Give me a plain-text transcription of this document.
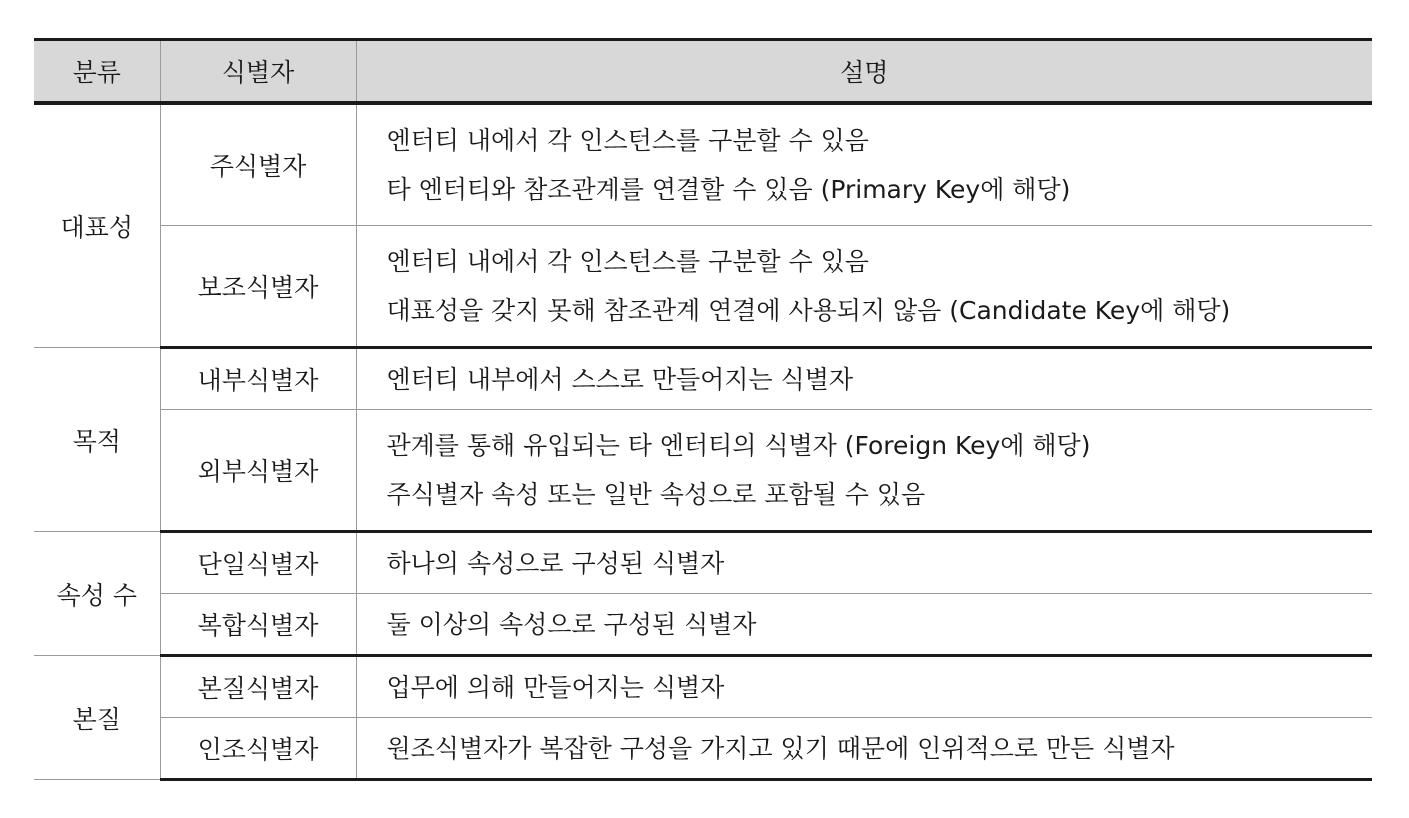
분류	식별자	설명
대표성	주식별자	엔터티 내에서 각 인스턴스를 구분할 수 있음
타 엔터티와 참조관계를 연결할 수 있음 (Primary Key에 해당)

	보조식별자	엔터티 내에서 각 인스턴스를 구분할 수 있음
대표성을 갖지 못해 참조관계 연결에 사용되지 않음 (Candidate Key에 해당)

목적	내부식별자	엔터티 내부에서 스스로 만들어지는 식별자

	외부식별자	관계를 통해 유입되는 타 엔터티의 식별자 (Foreign Key에 해당)
주식별자 속성 또는 일반 속성으로 포함될 수 있음

속성 수	단일식별자	하나의 속성으로 구성된 식별자

	복합식별자	둘 이상의 속성으로 구성된 식별자

본질	본질식별자	업무에 의해 만들어지는 식별자

	인조식별자	원조식별자가 복잡한 구성을 가지고 있기 때문에 인위적으로 만든 식별자
